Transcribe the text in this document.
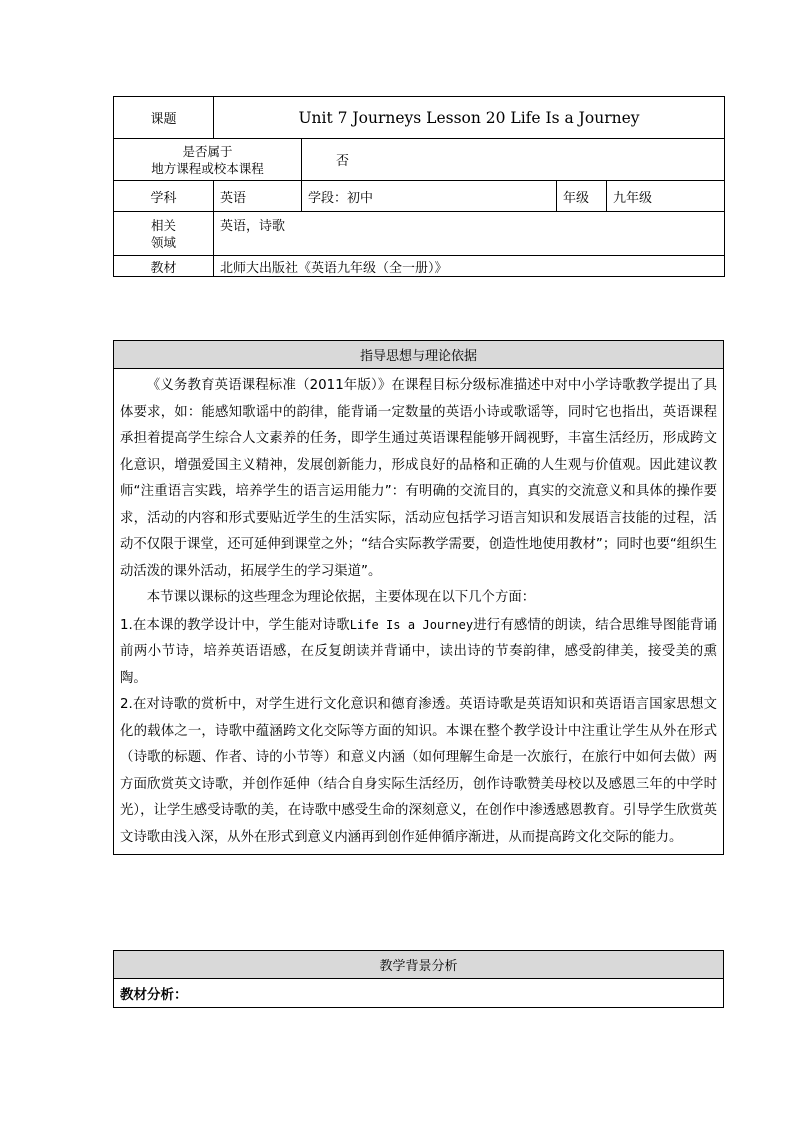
课题	Unit 7 Journeys Lesson 20 Life Is a Journey			

是否属于
地方课程或校本课程		否		
学科	英语	学段：初中	年级	九年级

相关
领域	英语，诗歌			
教材	北师大出版社《英语九年级（全一册）》			
指导思想与理论依据

《义务教育英语课程标准（2011年版）》在课程目标分级标准描述中对中小学诗歌教学提出了具体要求，如：能感知歌谣中的韵律，能背诵一定数量的英语小诗或歌谣等，同时它也指出，英语课程承担着提高学生综合人文素养的任务，即学生通过英语课程能够开阔视野，丰富生活经历，形成跨文化意识，增强爱国主义精神，发展创新能力，形成良好的品格和正确的人生观与价值观。因此建议教师“注重语言实践，培养学生的语言运用能力”：有明确的交流目的，真实的交流意义和具体的操作要求，活动的内容和形式要贴近学生的生活实际，活动应包括学习语言知识和发展语言技能的过程，活动不仅限于课堂，还可延伸到课堂之外；“结合实际教学需要，创造性地使用教材”；同时也要“组织生动活泼的课外活动，拓展学生的学习渠道”。

本节课以课标的这些理念为理论依据，主要体现在以下几个方面：

1.在本课的教学设计中，学生能对诗歌Life Is a Journey进行有感情的朗读，结合思维导图能背诵前两小节诗，培养英语语感，在反复朗读并背诵中，读出诗的节奏韵律，感受韵律美，接受美的熏陶。

2.在对诗歌的赏析中，对学生进行文化意识和德育渗透。英语诗歌是英语知识和英语语言国家思想文化的载体之一，诗歌中蕴涵跨文化交际等方面的知识。本课在整个教学设计中注重让学生从外在形式（诗歌的标题、作者、诗的小节等）和意义内涵（如何理解生命是一次旅行，在旅行中如何去做）两方面欣赏英文诗歌，并创作延伸（结合自身实际生活经历，创作诗歌赞美母校以及感恩三年的中学时光），让学生感受诗歌的美，在诗歌中感受生命的深刻意义，在创作中渗透感恩教育。引导学生欣赏英文诗歌由浅入深，从外在形式到意义内涵再到创作延伸循序渐进，从而提高跨文化交际的能力。

教学背景分析
教材分析：
